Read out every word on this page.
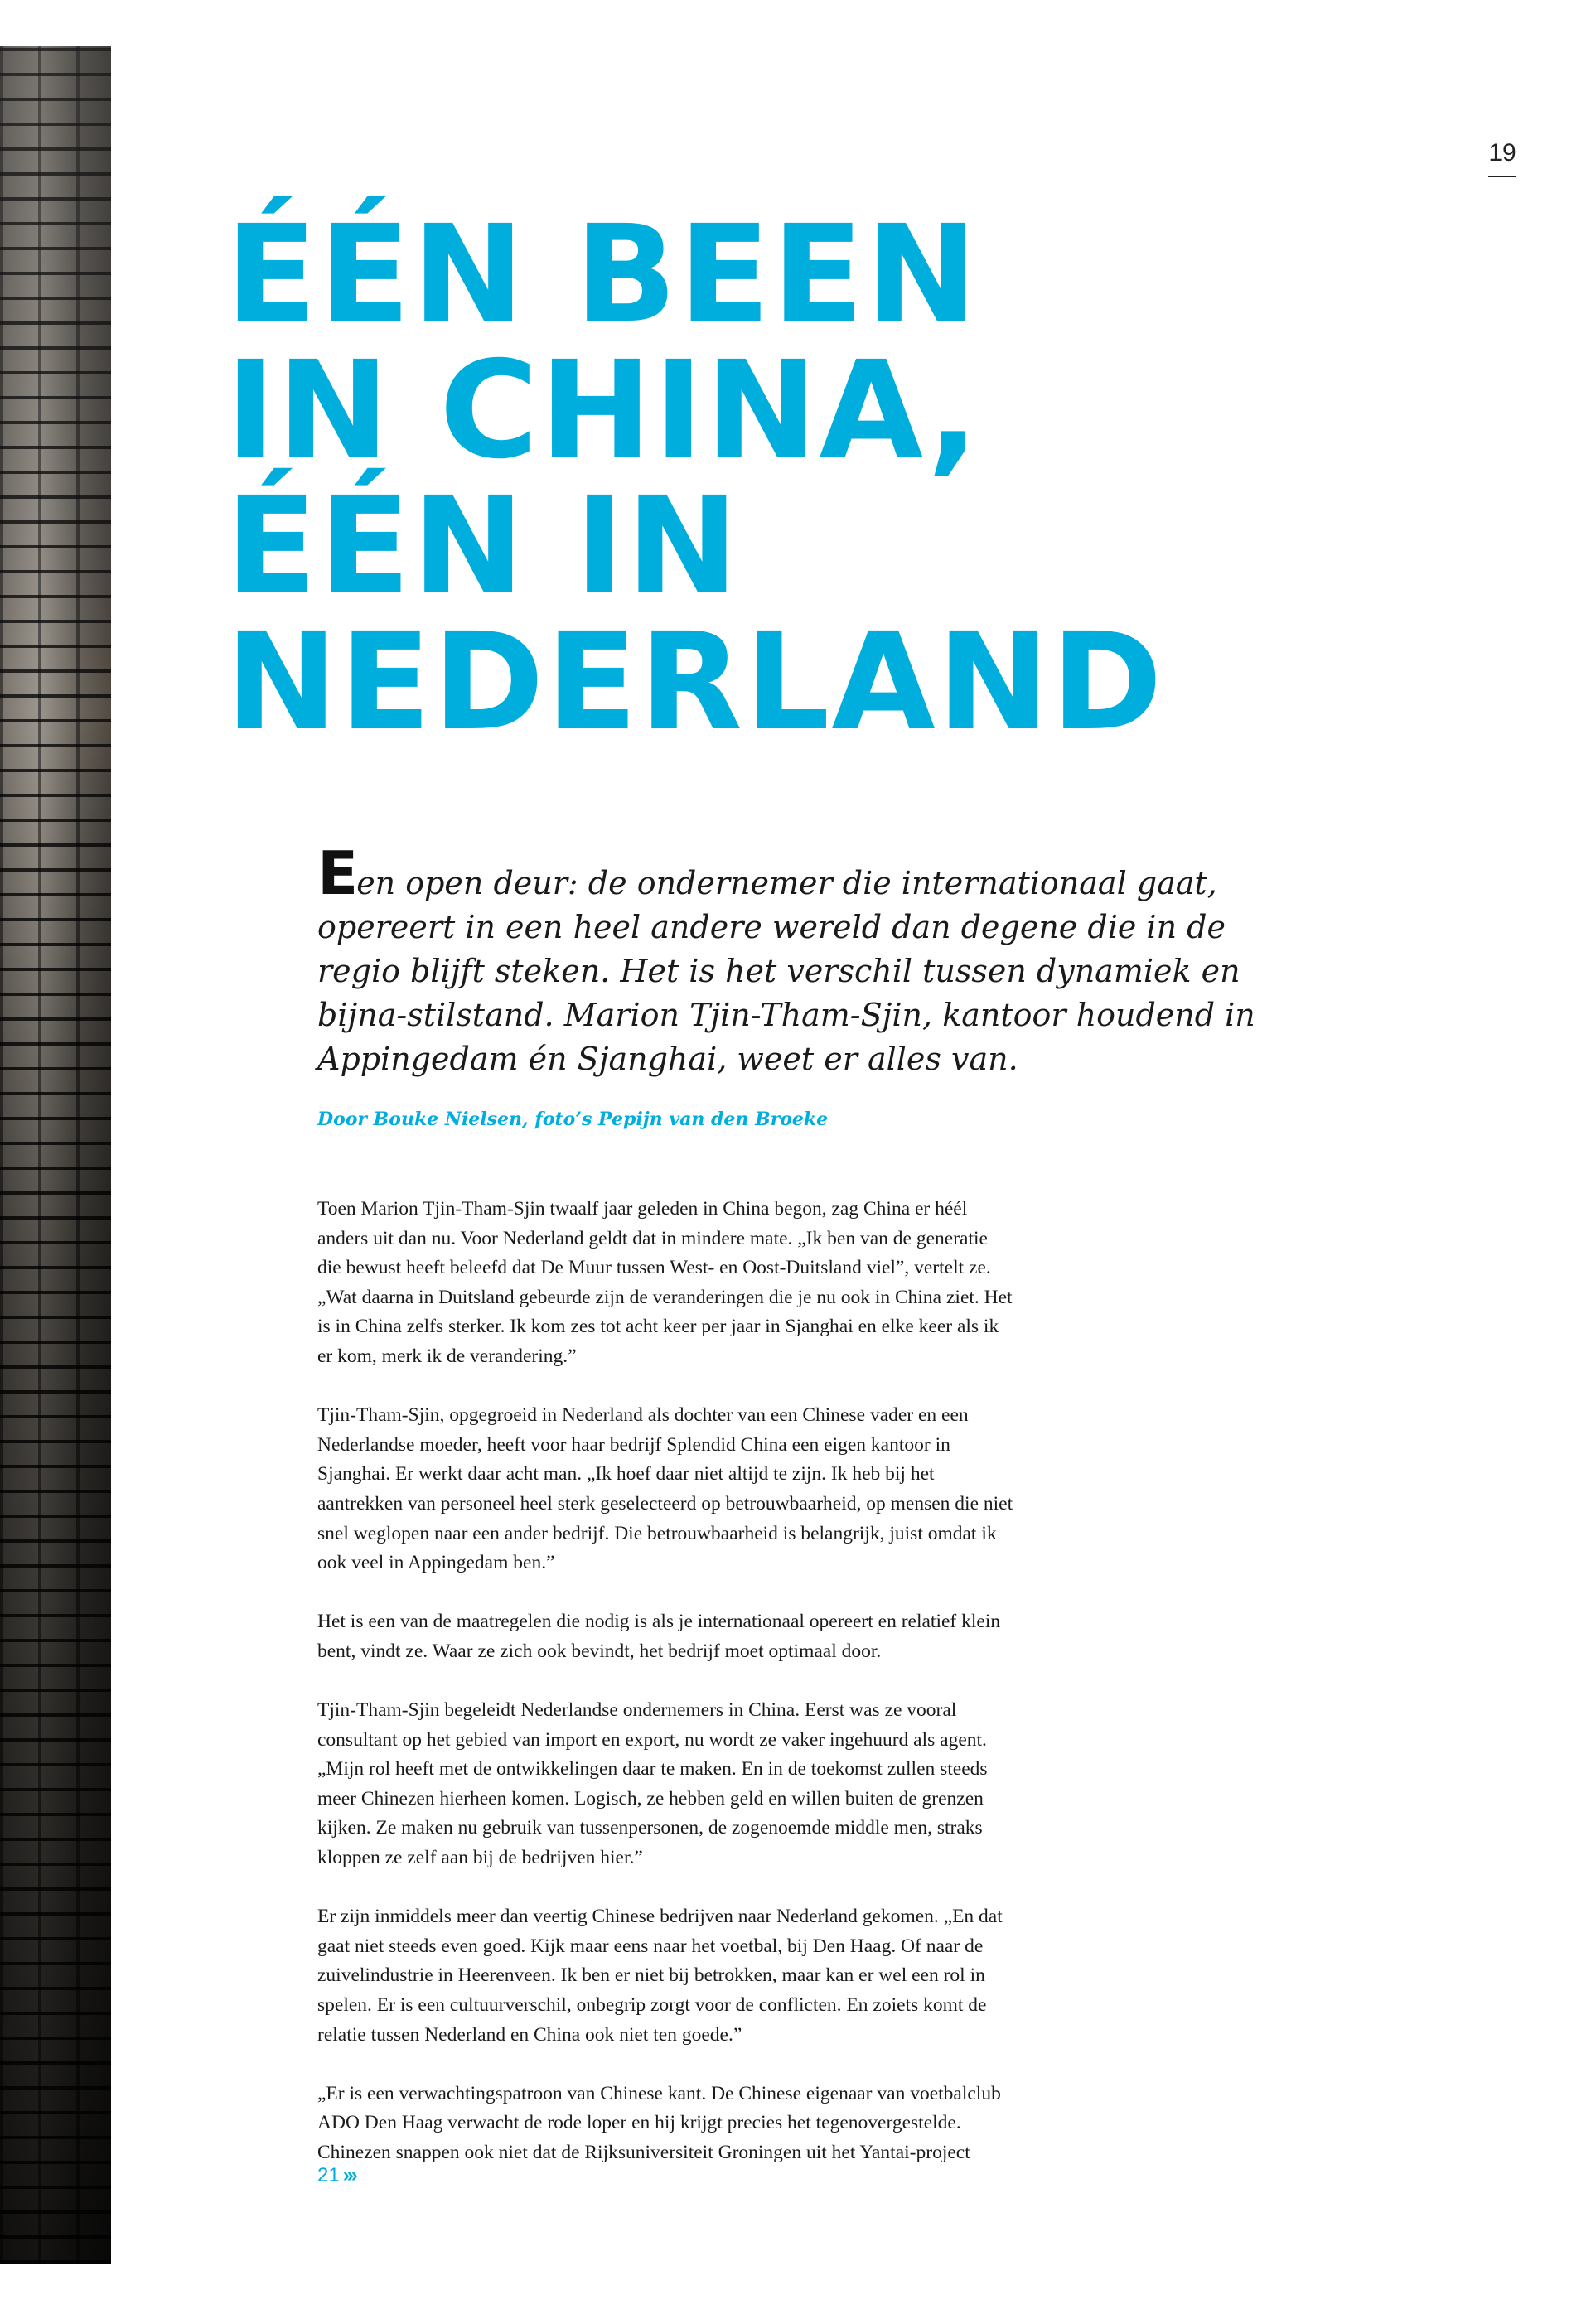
19
ÉÉN BEEN
IN CHINA,
ÉÉN IN
NEDERLAND

Een open deur: de ondernemer die internationaal gaat, opereert in een heel andere wereld dan degene die in de regio blijft steken. Het is het verschil tussen dynamiek en bijna-stilstand. Marion Tjin-Tham-Sjin, kantoor houdend in Appingedam én Sjanghai, weet er alles van.

Door Bouke Nielsen, foto’s Pepijn van den Broeke

Toen Marion Tjin-Tham-Sjin twaalf jaar geleden in China begon, zag China er héél anders uit dan nu. Voor Nederland geldt dat in mindere mate. „Ik ben van de generatie die bewust heeft beleefd dat De Muur tussen West- en Oost-Duitsland viel”, vertelt ze. „Wat daarna in Duitsland gebeurde zijn de veranderingen die je nu ook in China ziet. Het is in China zelfs sterker. Ik kom zes tot acht keer per jaar in Sjanghai en elke keer als ik er kom, merk ik de verandering.”

Tjin-Tham-Sjin, opgegroeid in Nederland als dochter van een Chinese vader en een Nederlandse moeder, heeft voor haar bedrijf Splendid China een eigen kantoor in Sjanghai. Er werkt daar acht man. „Ik hoef daar niet altijd te zijn. Ik heb bij het aantrekken van personeel heel sterk geselecteerd op betrouwbaarheid, op mensen die niet snel weglopen naar een ander bedrijf. Die betrouwbaarheid is belangrijk, juist omdat ik ook veel in Appingedam ben.”

Het is een van de maatregelen die nodig is als je internationaal opereert en relatief klein bent, vindt ze. Waar ze zich ook bevindt, het bedrijf moet optimaal door.

Tjin-Tham-Sjin begeleidt Nederlandse ondernemers in China. Eerst was ze vooral consultant op het gebied van import en export, nu wordt ze vaker ingehuurd als agent. „Mijn rol heeft met de ontwikkelingen daar te maken. En in de toekomst zullen steeds meer Chinezen hierheen komen. Logisch, ze hebben geld en willen buiten de grenzen kijken. Ze maken nu gebruik van tussenpersonen, de zogenoemde middle men, straks kloppen ze zelf aan bij de bedrijven hier.”

Er zijn inmiddels meer dan veertig Chinese bedrijven naar Nederland gekomen. „En dat gaat niet steeds even goed. Kijk maar eens naar het voetbal, bij Den Haag. Of naar de zuivelindustrie in Heerenveen. Ik ben er niet bij betrokken, maar kan er wel een rol in spelen. Er is een cultuurverschil, onbegrip zorgt voor de conflicten. En zoiets komt de relatie tussen Nederland en China ook niet ten goede.”

„Er is een verwachtingspatroon van Chinese kant. De Chinese eigenaar van voetbalclub ADO Den Haag verwacht de rode loper en hij krijgt precies het tegenovergestelde. Chinezen snappen ook niet dat de Rijksuniversiteit Groningen uit het Yantai-project

21 ›››
